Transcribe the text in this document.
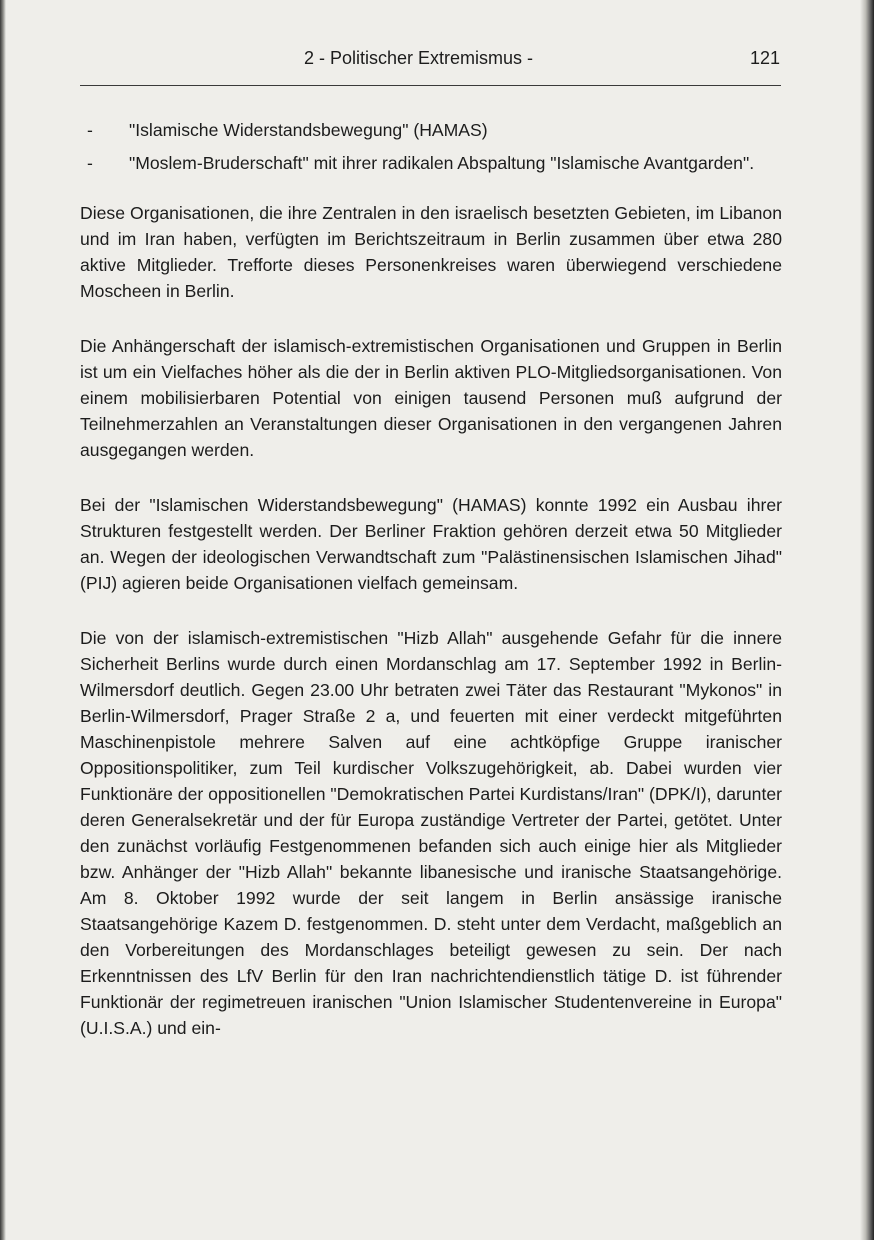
2 - Politischer Extremismus -	121
- "Islamische Widerstandsbewegung" (HAMAS)
- "Moslem-Bruderschaft" mit ihrer radikalen Abspaltung "Islamische Avantgarden".

Diese Organisationen, die ihre Zentralen in den israelisch besetzten Gebieten, im Libanon und im Iran haben, verfügten im Berichtszeitraum in Berlin zusammen über etwa 280 aktive Mitglieder. Trefforte dieses Personenkreises waren überwiegend verschiedene Moscheen in Berlin.

Die Anhängerschaft der islamisch-extremistischen Organisationen und Gruppen in Berlin ist um ein Vielfaches höher als die der in Berlin aktiven PLO-Mitgliedsorganisationen. Von einem mobilisierbaren Potential von einigen tausend Personen muß aufgrund der Teilnehmerzahlen an Veranstaltungen dieser Organisationen in den vergangenen Jahren ausgegangen werden.

Bei der "Islamischen Widerstandsbewegung" (HAMAS) konnte 1992 ein Ausbau ihrer Strukturen festgestellt werden. Der Berliner Fraktion gehören derzeit etwa 50 Mitglieder an. Wegen der ideologischen Verwandtschaft zum "Palästinensischen Islamischen Jihad" (PIJ) agieren beide Organisationen vielfach gemeinsam.

Die von der islamisch-extremistischen "Hizb Allah" ausgehende Gefahr für die innere Sicherheit Berlins wurde durch einen Mordanschlag am 17. September 1992 in Berlin-Wilmersdorf deutlich. Gegen 23.00 Uhr betraten zwei Täter das Restaurant "Mykonos" in Berlin-Wilmersdorf, Prager Straße 2 a, und feuerten mit einer verdeckt mitgeführten Maschinenpistole mehrere Salven auf eine achtköpfige Gruppe iranischer Oppositionspolitiker, zum Teil kurdischer Volkszugehörigkeit, ab. Dabei wurden vier Funktionäre der oppositionellen "Demokratischen Partei Kurdistans/Iran" (DPK/I), darunter deren Generalsekretär und der für Europa zuständige Vertreter der Partei, getötet. Unter den zunächst vorläufig Festgenommenen befanden sich auch einige hier als Mitglieder bzw. Anhänger der "Hizb Allah" bekannte libanesische und iranische Staatsangehörige. Am 8. Oktober 1992 wurde der seit langem in Berlin ansässige iranische Staatsangehörige Kazem D. festgenommen. D. steht unter dem Verdacht, maßgeblich an den Vorbereitungen des Mordanschlages beteiligt gewesen zu sein. Der nach Erkenntnissen des LfV Berlin für den Iran nachrichtendienstlich tätige D. ist führender Funktionär der regimetreuen iranischen "Union Islamischer Studentenvereine in Europa" (U.I.S.A.) und ein-
